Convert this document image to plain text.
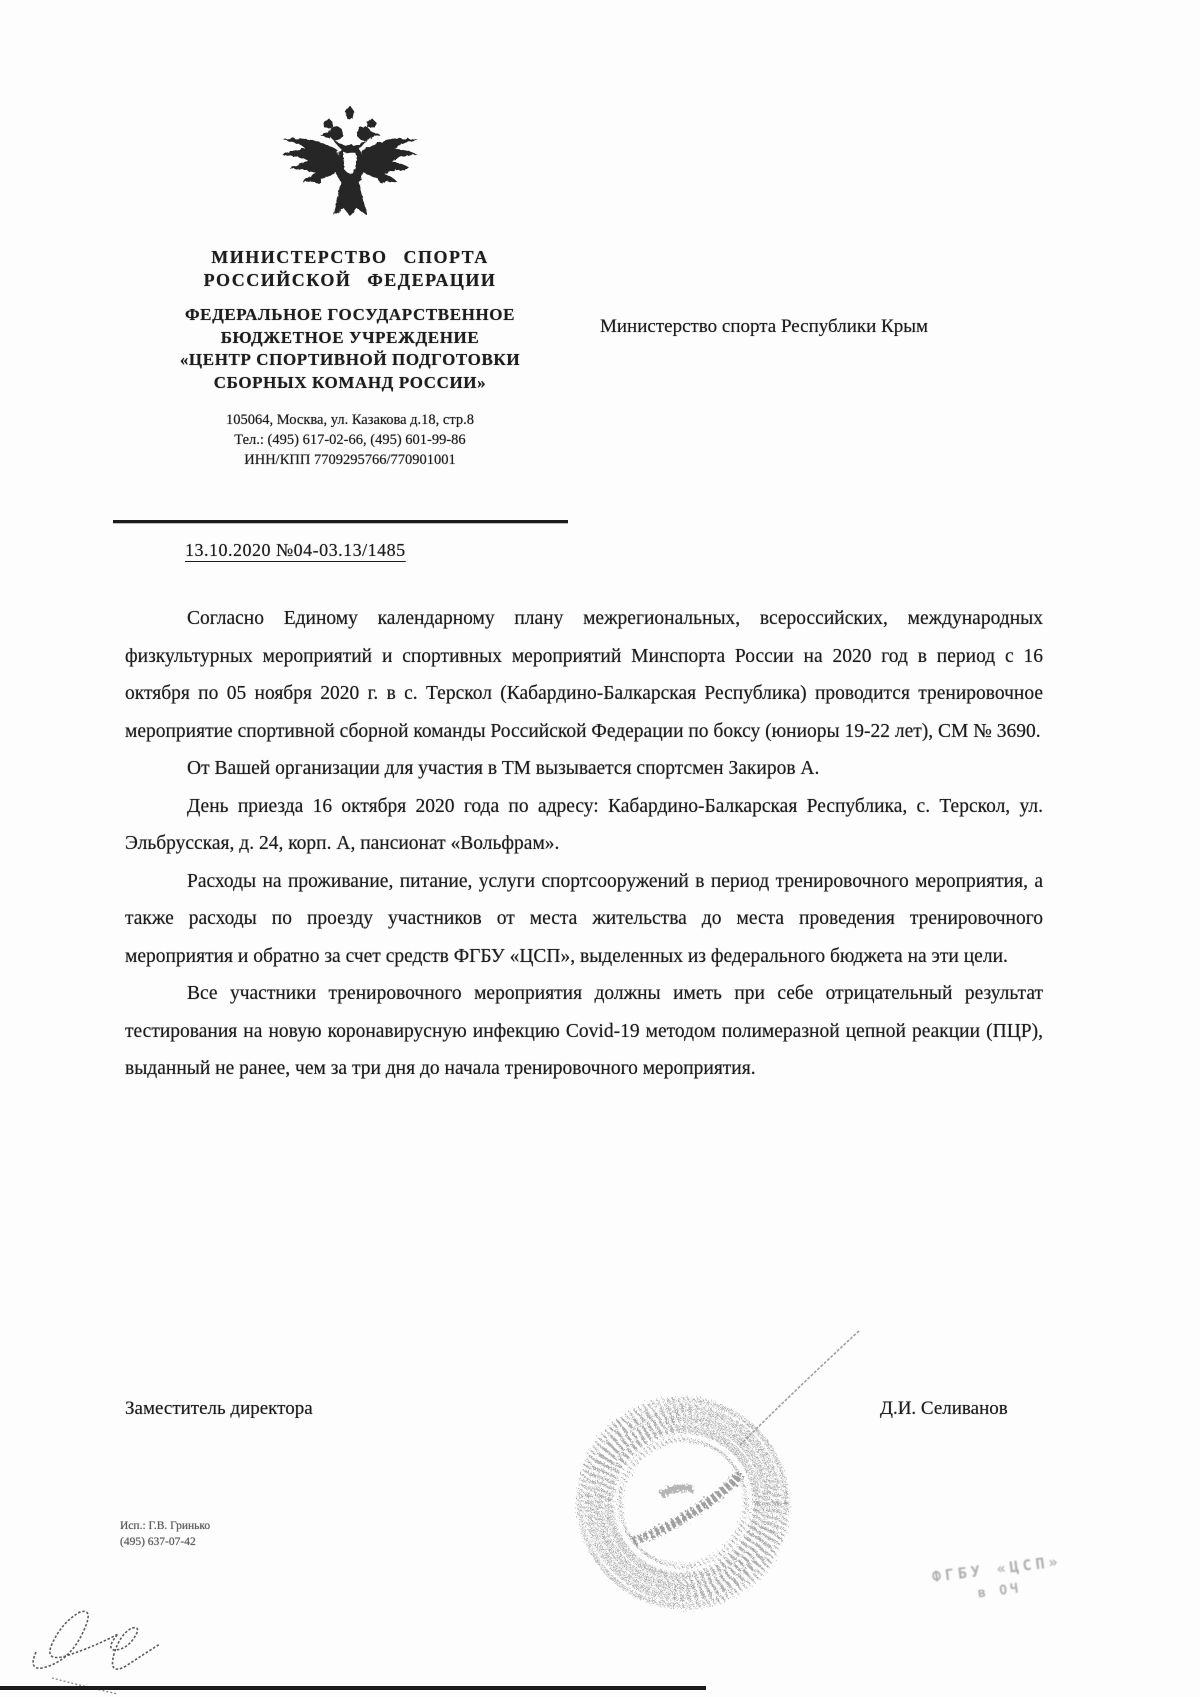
МИНИСТЕРСТВО СПОРТА
РОССИЙСКОЙ ФЕДЕРАЦИИ
ФЕДЕРАЛЬНОЕ ГОСУДАРСТВЕННОЕ
БЮДЖЕТНОЕ УЧРЕЖДЕНИЕ
«ЦЕНТР СПОРТИВНОЙ ПОДГОТОВКИ
СБОРНЫХ КОМАНД РОССИИ»
105064, Москва, ул. Казакова д.18, стр.8
Тел.: (495) 617-02-66, (495) 601-99-86
ИНН/КПП 7709295766/770901001
13.10.2020 №04-03.13/1485
Министерство спорта Республики Крым

Согласно Единому календарному плану межрегиональных, всероссийских, международных физкультурных мероприятий и спортивных мероприятий Минспорта России на 2020 год в период с 16 октября по 05 ноября 2020 г. в с. Терскол (Кабардино-Балкарская Республика) проводится тренировочное мероприятие спортивной сборной команды Российской Федерации по боксу (юниоры 19-22 лет), СМ № 3690.

От Вашей организации для участия в ТМ вызывается спортсмен Закиров А.

День приезда 16 октября 2020 года по адресу: Кабардино-Балкарская Республика, с. Терскол, ул. Эльбрусская, д. 24, корп. А, пансионат «Вольфрам».

Расходы на проживание, питание, услуги спортсооружений в период тренировочного мероприятия, а также расходы по проезду участников от места жительства до места проведения тренировочного мероприятия и обратно за счет средств ФГБУ «ЦСП», выделенных из федерального бюджета на эти цели.

Все участники тренировочного мероприятия должны иметь при себе отрицательный результат тестирования на новую коронавирусную инфекцию Covid-19 методом полимеразной цепной реакции (ПЦР), выданный не ранее, чем за три дня до начала тренировочного мероприятия.

Заместитель директора	Д.И. Селиванов
Исп.: Г.В. Гринько
(495) 637-07-42
ФГБУ «ЦСП»
в ОЧ
